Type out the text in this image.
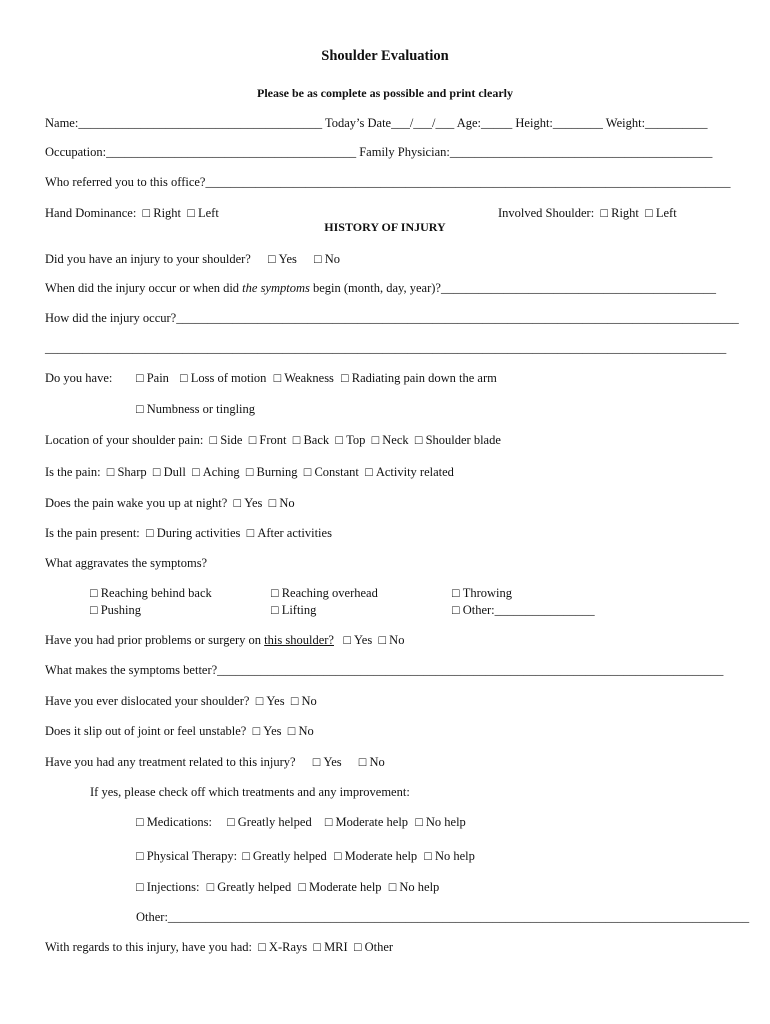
Shoulder Evaluation
Please be as complete as possible and print clearly
Name:_______________________________________ Today’s Date___/___/___ Age:_____ Height:________ Weight:__________
Occupation:________________________________________ Family Physician:__________________________________________
Who referred you to this office?____________________________________________________________________________________
Hand Dominance:  □ Right  □ Left	Involved Shoulder:  □ Right  □ Left
HISTORY OF INJURY
Did you have an injury to your shoulder? □ Yes □ No
When did the injury occur or when did the symptoms begin (month, day, year)?____________________________________________
How did the injury occur?__________________________________________________________________________________________
_____________________________________________________________________________________________________________
Do you have: □ Pain □ Loss of motion □ Weakness □ Radiating pain down the arm
□ Numbness or tingling
Location of your shoulder pain:  □ Side  □ Front  □ Back  □ Top  □ Neck  □ Shoulder blade
Is the pain:  □ Sharp  □ Dull  □ Aching  □ Burning  □ Constant  □ Activity related
Does the pain wake you up at night?  □ Yes  □ No
Is the pain present:  □ During activities  □ After activities
What aggravates the symptoms?
□ Reaching behind back
□ Pushing
□ Reaching overhead
□ Lifting
□ Throwing
□ Other:________________
Have you had prior problems or surgery on this shoulder?   □ Yes  □ No
What makes the symptoms better?_________________________________________________________________________________
Have you ever dislocated your shoulder?  □ Yes  □ No
Does it slip out of joint or feel unstable?  □ Yes  □ No
Have you had any treatment related to this injury? □ Yes □ No
If yes, please check off which treatments and any improvement:
□ Medications: □ Greatly helped □ Moderate help □ No help
□ Physical Therapy: □ Greatly helped □ Moderate help □ No help
□ Injections: □ Greatly helped □ Moderate help □ No help
Other:_____________________________________________________________________________________________
With regards to this injury, have you had:  □ X-Rays  □ MRI  □ Other
